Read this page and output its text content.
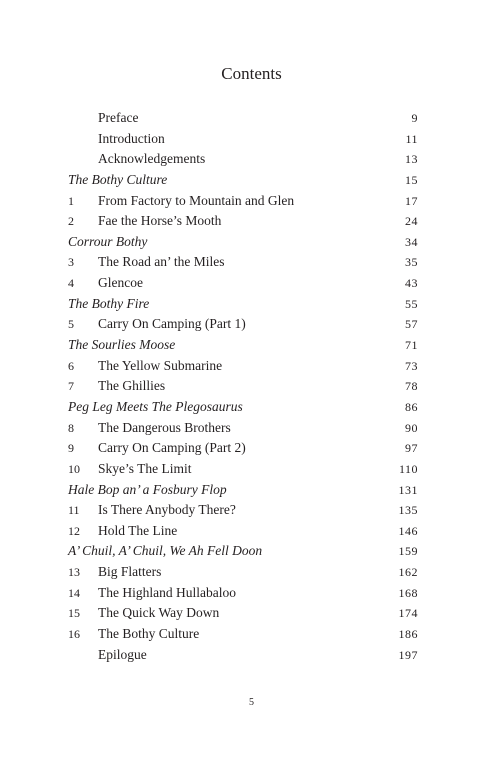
Contents
Preface	9
Introduction	11
Acknowledgements	13
The Bothy Culture	15
1 From Factory to Mountain and Glen	17
2 Fae the Horse’s Mooth	24
Corrour Bothy	34
3 The Road an’ the Miles	35
4 Glencoe	43
The Bothy Fire	55
5 Carry On Camping (Part 1)	57
The Sourlies Moose	71
6 The Yellow Submarine	73
7 The Ghillies	78
Peg Leg Meets The Plegosaurus	86
8 The Dangerous Brothers	90
9 Carry On Camping (Part 2)	97
10 Skye’s The Limit	110
Hale Bop an’ a Fosbury Flop	131
11 Is There Anybody There?	135
12 Hold The Line	146
A’ Chuil, A’ Chuil, We Ah Fell Doon	159
13 Big Flatters	162
14 The Highland Hullabaloo	168
15 The Quick Way Down	174
16 The Bothy Culture	186
Epilogue	197
5
